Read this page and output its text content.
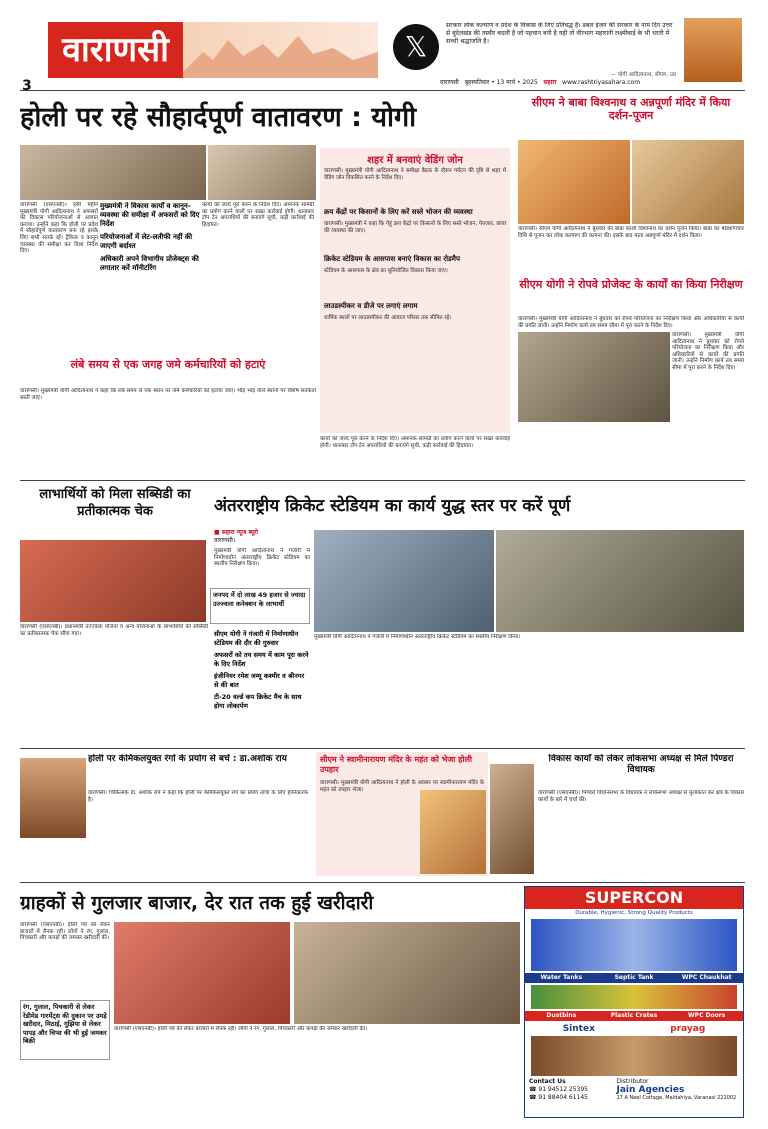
वाराणसी
3
𝕏
सरकार लोक कल्याण व प्रदेश के विकास के लिए प्रतिबद्ध है। डबल इंजन की सरकार के नाम दिन उत्तर से बुंदेलखंड की तस्वीर बदली है जो पहचान बनी है यही तो वीरभाग महारानी लक्ष्मीबाई के भी धरती में सच्ची श्रद्धांजलि है।
— योगी आदित्यनाथ, सीएम, उप्र
वाराणसी बृहस्पतिवार • 13 मार्च • 2025 सहारा www.rashtriyasahara.com
होली पर रहे सौहार्दपूर्ण वातावरण : योगी
वाराणसी (एसएनबी)। इसी महीने मुख्यमंत्री योगी आदित्यनाथ ने अफसरों को विकास परियोजनाओं से अवगत कराया। उन्होंने कहा कि होली पर प्रदेश में सौहार्दपूर्ण वातावरण बना रहे इसके लिए सभी सतर्क रहें। ट्रैफिक व कानून व्यवस्था की समीक्षा कर दिशा निर्देश दिए।
मुख्यमंत्री ने विकास कार्यों व कानून-व्यवस्था की समीक्षा में अफसरों को दिए निर्देश
परियोजनाओं में लेट-लतीफी नहीं की जाएगी बर्दाश्त
अधिकारी अपने विभागीय प्रोजेक्ट्स की लगातार करें मॉनीटरिंग
कार्यों को जल्द पूरा करने के निर्देश दिए। अमानक सामग्री का प्रयोग करने वालों पर सख्त कार्रवाई होगी। थानाबार टॉप टेन अपराधियों की बनाएंगे सूची, कड़ी कार्रवाई की हिदायत।
लंबे समय से एक जगह जमे कर्मचारियों को हटाएं
वाराणसी। मुख्यमंत्री योगी आदित्यनाथ ने कहा कि लंबे समय से एक स्थान पर जमे कर्मचारियों को हटाया जाए। भीड़ भाड़ वाले स्थानों पर विशेष सतर्कता बरती जाए।
शहर में बनवाएं वेडिंग जोन
वाराणसी। मुख्यमंत्री योगी आदित्यनाथ ने समीक्षा बैठक के दौरान पर्यटन की दृष्टि से शहर में वेडिंग जोन विकसित करने के निर्देश दिए।
क्रय केंद्रों पर किसानों के लिए करें सस्ते भोजन की व्यवस्था
वाराणसी। मुख्यमंत्री ने कहा कि गेहूं क्रय केंद्रों पर किसानों के लिए सस्ते भोजन, पेयजल, छाया की व्यवस्था की जाए।
क्रिकेट स्टेडियम के आसपास बनाएं विकास का रोडमैप
स्टेडियम के आसपास के क्षेत्र का सुनियोजित विकास किया जाए।
लाउडस्पीकर व डीजे पर लगाएं लगाम
धार्मिक स्थलों पर लाउडस्पीकर की आवाज परिसर तक सीमित रहे।
सीएम ने बाबा विश्वनाथ व अन्नपूर्णा मंदिर में किया दर्शन-पूजन
वाराणसी। सीएम योगी आदित्यनाथ ने बुधवार को बाबा काशी विश्वनाथ का दर्शन पूजन किया। बाबा का षोडशोपचार विधि से पूजन कर लोक कल्याण की कामना की। इसके बाद माता अन्नपूर्णा मंदिर में दर्शन किया।
सीएम योगी ने रोपवे प्रोजेक्ट के कार्यों का किया निरीक्षण
वाराणसी। मुख्यमंत्री योगी आदित्यनाथ ने बुधवार को रोपवे परियोजना का निरीक्षण किया और अधिकारियों से कार्यों की प्रगति जानी। उन्होंने निर्माण कार्य तय समय सीमा में पूरा करने के निर्देश दिए।
वाराणसी। मुख्यमंत्री योगी आदित्यनाथ ने बुधवार को रोपवे परियोजना का निरीक्षण किया और अधिकारियों से कार्यों की प्रगति जानी। उन्होंने निर्माण कार्य तय समय सीमा में पूरा करने के निर्देश दिए।
कार्यों को जल्द पूरा करने के निर्देश दिए। अमानक सामग्री का प्रयोग करने वालों पर सख्त कार्रवाई होगी। थानाबार टॉप टेन अपराधियों की बनाएंगे सूची, कड़ी कार्रवाई की हिदायत।
लाभार्थियों को मिला सब्सिडी का प्रतीकात्मक चेक
वाराणसी (एसएनबी)। प्रधानमंत्री उज्ज्वला योजना व अन्य योजनाओं के लाभार्थियों को सब्सिडी का प्रतीकात्मक चेक सौंपा गया।
जनपद में दो लाख 49 हजार से ज्यादा उज्ज्वला कनेक्शन के लाभार्थी
अंतरराष्ट्रीय क्रिकेट स्टेडियम का कार्य युद्ध स्तर पर करें पूर्ण
■ सहारा न्यूज ब्यूरो
वाराणसी।
मुख्यमंत्री योगी आदित्यनाथ ने गंजारी में निर्माणाधीन अंतरराष्ट्रीय क्रिकेट स्टेडियम का स्थलीय निरीक्षण किया।
सीएम योगी ने गंजारी में निर्माणाधीन स्टेडियम की दौर की गुरुवार
अफसरों को तय समय में काम पूरा करने के दिए निर्देश
इंजीनियर रमेश जम्मू कश्मीर व श्रीनगर से की बात
टी-20 वर्ल्ड कप क्रिकेट मैच के साथ होगा लोकार्पण
मुख्यमंत्री योगी आदित्यनाथ ने गंजारी में निर्माणाधीन अंतरराष्ट्रीय क्रिकेट स्टेडियम का स्थलीय निरीक्षण किया।
होली पर केमिकलयुक्त रंगों के प्रयोग से बचें : डा.अशोक राय
वाराणसी। चिकित्सक डा. अशोक राय ने कहा कि होली पर केमिकलयुक्त रंगों का प्रयोग त्वचा के लिए हानिकारक है।
सीएम ने स्वामीनारायण मंदिर के महंत को भेजा होली उपहार
वाराणसी। मुख्यमंत्री योगी आदित्यनाथ ने होली के अवसर पर स्वामीनारायण मंदिर के महंत को उपहार भेजा।
विकास कार्यों को लेकर लोकसभा अध्यक्ष से मिले पिण्डरा विधायक
वाराणसी (एसएनबी)। पिण्डरा विधानसभा के विधायक ने लोकसभा अध्यक्ष से मुलाकात कर क्षेत्र के विकास कार्यों के बारे में चर्चा की।
ग्राहकों से गुलजार बाजार, देर रात तक हुई खरीदारी
वाराणसी (एसएनबी)। होली पर्व को लेकर बाजारों में रौनक रही। लोगों ने रंग, गुलाल, पिचकारी और कपड़ों की जमकर खरीदारी की।
रंग, गुलाल, पिचकारी से लेकर रेडीमेड गारमेंट्स की दुकान पर उमड़े खरीदार, मिठाई, गुझिया से लेकर पापड़ और चिप्स की भी हुई जमकर बिक्री
वाराणसी (एसएनबी)। होली पर्व को लेकर बाजारों में रौनक रही। लोगों ने रंग, गुलाल, पिचकारी और कपड़ों की जमकर खरीदारी की।
SUPERCON
Durable, Hygienic, Strong Quality Products
Water Tanks	Septic Tank	WPC Chaukhat
Dustbins	Plastic Crates	WPC Doors
Sintex	prayag
Contact Us
☎ 91 94512 25395
☎ 91 88404 61145
Distributor
Jain Agencies
17 A Neel Cottage, Maldahiya, Varanasi 221002
